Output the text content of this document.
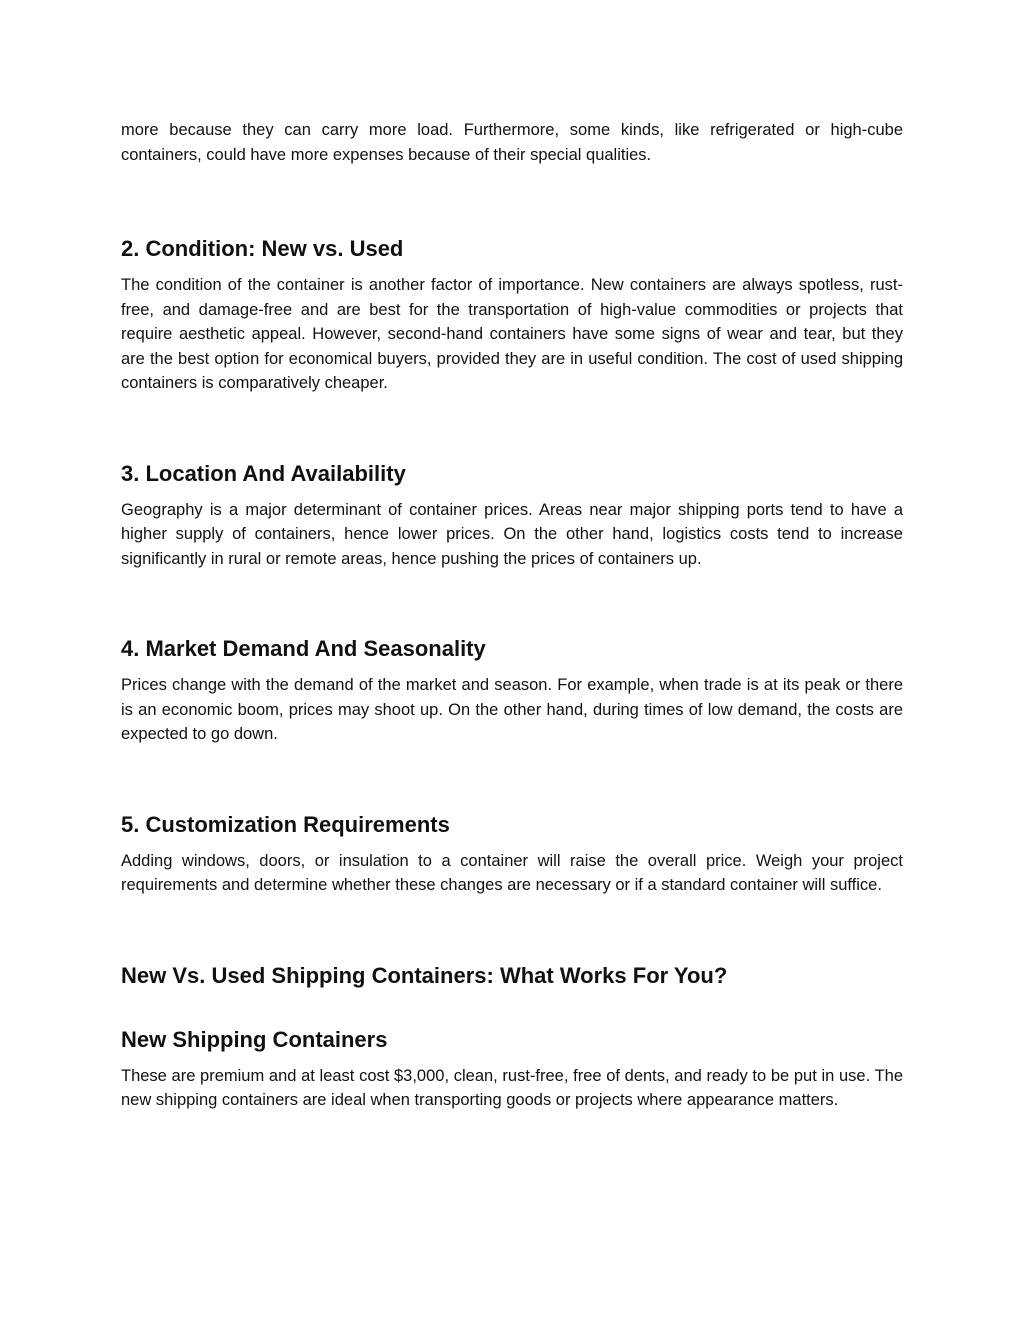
more because they can carry more load. Furthermore, some kinds, like refrigerated or high-cube containers, could have more expenses because of their special qualities.

2. Condition: New vs. Used

The condition of the container is another factor of importance. New containers are always spotless, rust-free, and damage-free and are best for the transportation of high-value commodities or projects that require aesthetic appeal. However, second-hand containers have some signs of wear and tear, but they are the best option for economical buyers, provided they are in useful condition. The cost of used shipping containers is comparatively cheaper.

3. Location And Availability

Geography is a major determinant of container prices. Areas near major shipping ports tend to have a higher supply of containers, hence lower prices. On the other hand, logistics costs tend to increase significantly in rural or remote areas, hence pushing the prices of containers up.

4. Market Demand And Seasonality

Prices change with the demand of the market and season. For example, when trade is at its peak or there is an economic boom, prices may shoot up. On the other hand, during times of low demand, the costs are expected to go down.

5. Customization Requirements

Adding windows, doors, or insulation to a container will raise the overall price. Weigh your project requirements and determine whether these changes are necessary or if a standard container will suffice.

New Vs. Used Shipping Containers: What Works For You?
New Shipping Containers

These are premium and at least cost $3,000, clean, rust-free, free of dents, and ready to be put in use. The new shipping containers are ideal when transporting goods or projects where appearance matters.
